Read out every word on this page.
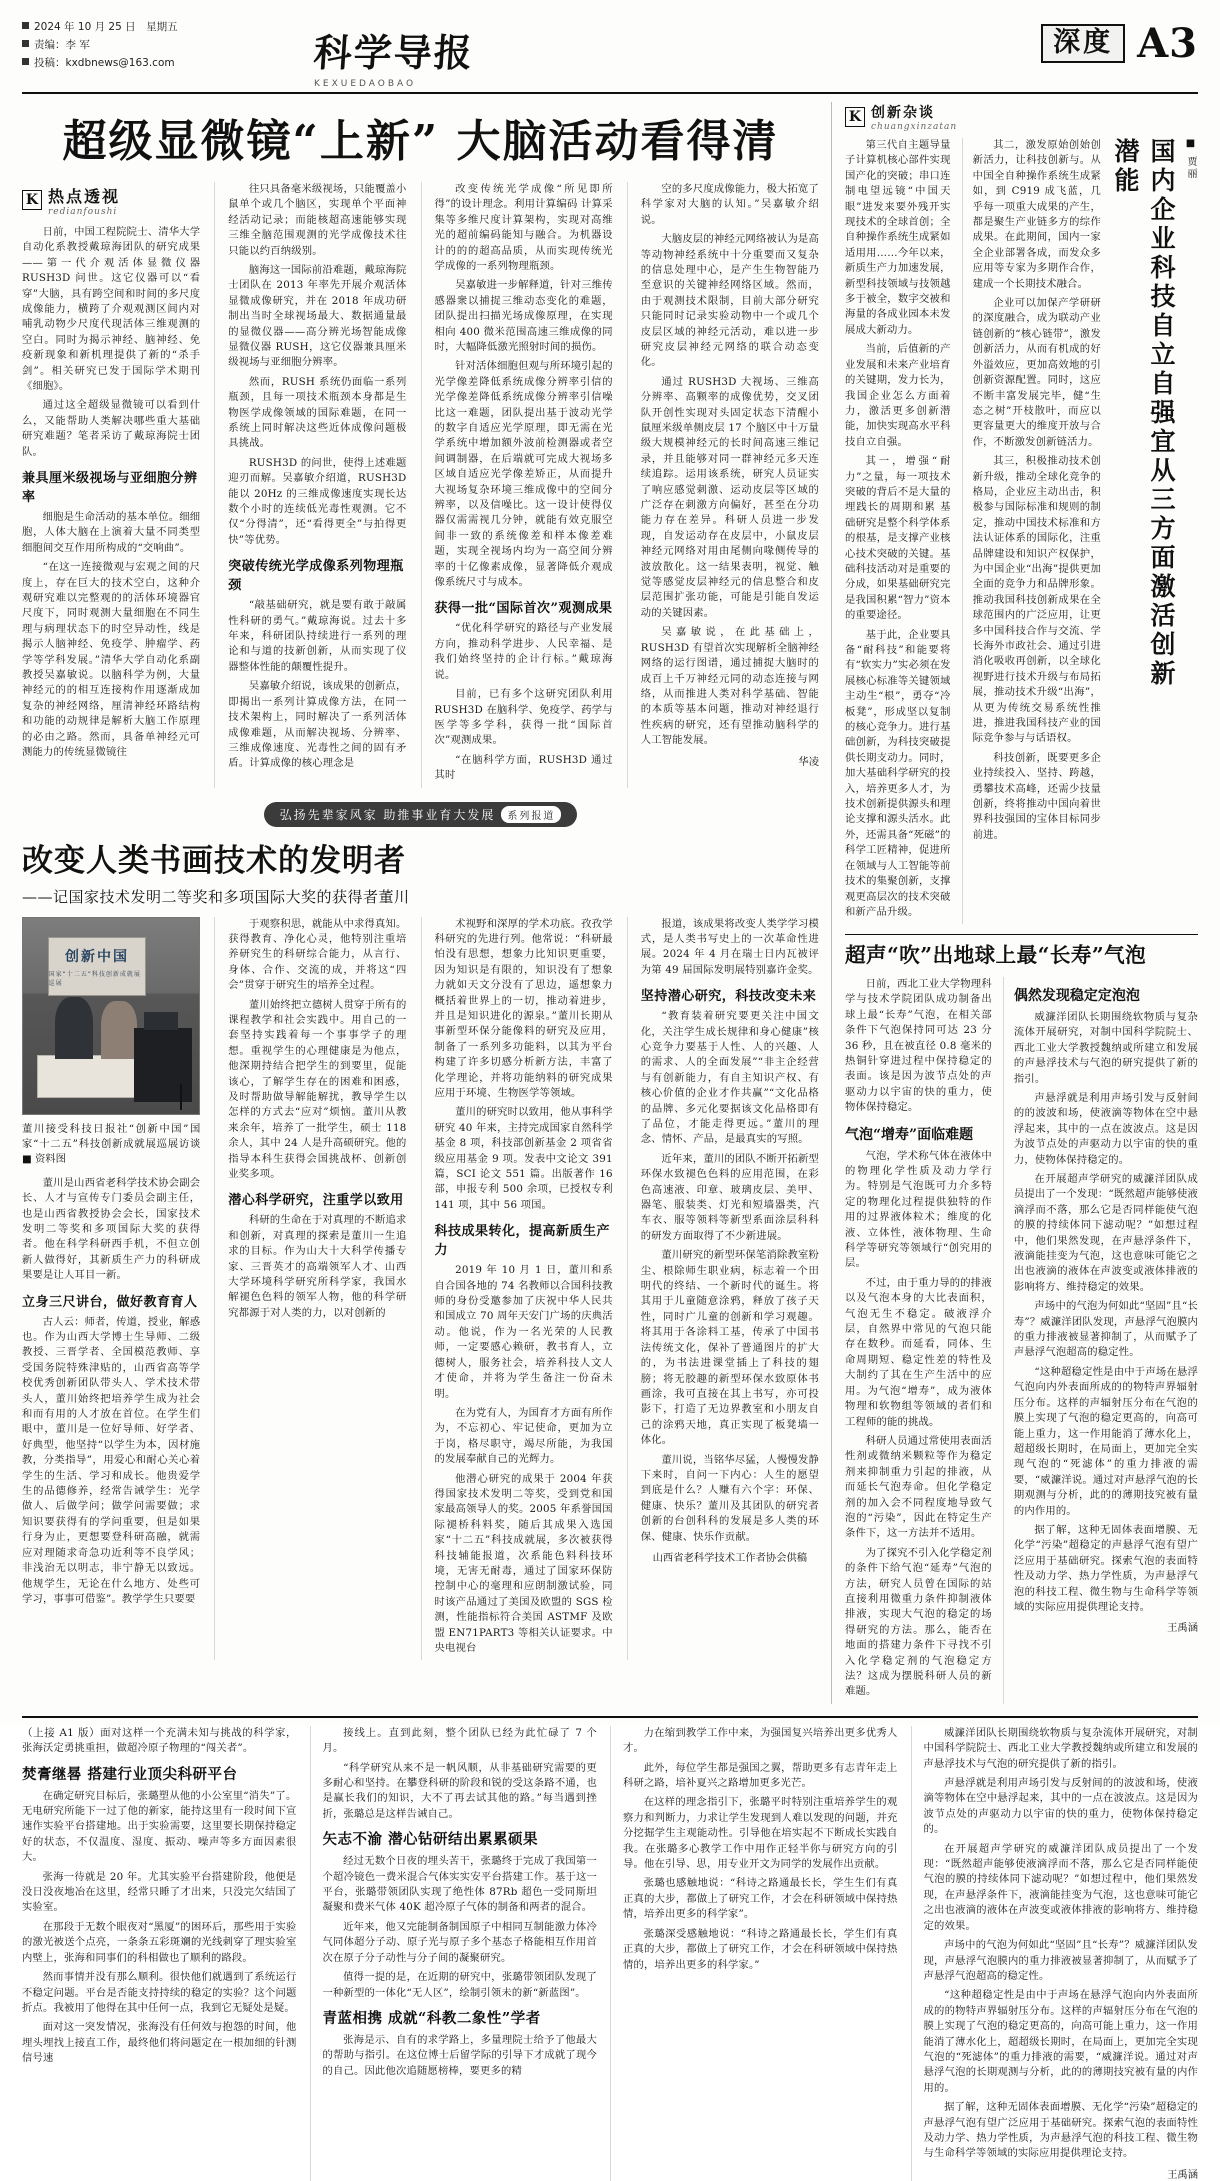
2024 年 10 月 25 日　星期五
责编：李 军
投稿：kxdbnews@163.com	科学导报
KEXUEDAOBAO
深度 A3
超级显微镜“上新” 大脑活动看得清
K 热点透视
redianfoushi

日前，中国工程院院士、清华大学自动化系教授戴琼海团队的研究成果——第一代介观活体显微仪器 RUSH3D 问世。这它仪器可以“看穿”大脑，具有跨空间和时间的多尺度成像能力，横跨了介观观测区间内对哺乳动物少尺度代现活体三维观测的空白。同时为揭示神经、脑神经、免疫新现象和新机理提供了新的“杀手剑”。相关研究已发于国际学术期刊《细胞》。

通过这全超级显微镜可以看到什么，又能帮助人类解决哪些重大基础研究难题？笔者采访了戴琼海院士团队。

兼具厘米级视场与亚细胞分辨率

细胞是生命活动的基本单位。细细胞，人体大脑在上演着大量不同类型细胞间交互作用所构成的“交响曲”。

“在这一连接微观与宏观之间的尺度上，存在巨大的技术空白，这种介观研究难以完整观的的活体环境器官尺度下，同时观测大量细胞在不同生理与病理状态下的时空异动性，线是揭示人脑神经、免疫学、肿瘤学、药学等学科发展。”清华大学自动化系副教授吴嘉敏说。以脑科学为例，大量神经元的的相互连接构作用逐渐成加复杂的神经网络，厘清神经环路结构和功能的动规律是解析大脑工作原理的必由之路。然而，具备单神经元可测能力的传统显微镜往

往只具备毫米级视场，只能覆盖小鼠单个或几个脑区，实现单个平面神经活动记录；而能核超高速能够实现三维全脑范围观测的光学成像技术往只能以约百纳级别。

脑海这一国际前沿难题，戴琼海院士团队在 2013 年率先开展介观活体显微成像研究，并在 2018 年成功研制出当时全球视场最大、数据通量最的显微仪器——高分辨光场智能成像显微仪器 RUSH，这它仪器兼具厘米级视场与亚细胞分辨率。

然而，RUSH 系统仍面临一系列瓶颈，且每一项技术瓶颈本身都是生物医学成像领域的国际难题，在同一系统上同时解决这些近体成像问题极具挑战。

RUSH3D 的问世，使得上述难题迎刃而解。吴嘉敏介绍道，RUSH3D 能以 20Hz 的三维成像速度实现长达数个小时的连续低光毒性观测。它不仅“分得清”，还“看得更全”与拍得更快”等优势。

突破传统光学成像系列物理瓶颈

“敲基础研究，就是要有敢于敲属性科研的勇气。”戴琼海说。过去十多年来，科研团队持续进行一系列的理论和与道的技新创新，从而实现了仪器整体性能的颠覆性提升。

吴嘉敏介绍说，该成果的创新点，即揭出一系列计算成像方法，在同一技术架构上，同时解决了一系列活体成像难题，从而解决视场、分辨率、三维成像速度、光毒性之间的固有矛盾。计算成像的核心理念是

改变传统光学成像“所见即所得”的设计理念。利用计算编码 计算采集等多维尺度计算架构，实现对高维光的超前编码能知与融合。为机器设计的的的超高品质，从而实现传统光学成像的一系列物理瓶颈。

吴嘉敏进一步解释道，针对三维传感器衆以捕捉三维动态变化的难题，团队提出扫描光场成像原理，在实现相向 400 微米范围高速三维成像的同时，大幅降低激光照射时间的损伤。

针对活体细胞但观与所环境引起的光学像差降低系统成像分辨率引信的光学像差降低系统成像分辨率引信噪比这一难题，团队提出基于波动光学的数字自适应光学原理，即无需在光学系统中增加额外波前检测器或者空间调制器，在后端就可完成大视场多区域自适应光学像差矫正，从而提升大视场复杂环境三维成像中的空间分辨率，以及信噪比。这一设计使得仪器仅需需视几分钟，就能有效克服空间非一致的系统像差和样本像差难题，实现全视场内均为一高空间分辨率的十亿像素成像，显著降低介观成像系统尺寸与成本。

获得一批“国际首次”观测成果

“优化科学研究的路径与产业发展方向，推动科学进步、人民幸福、是我们始终坚持的企计行标。”戴琼海说。

目前，已有多个这研究团队利用 RUSH3D 在脑科学、免疫学、药学与医学等多学科，获得一批“国际首次”观测成果。

“在脑科学方面，RUSH3D 通过其时

空的多尺度成像能力，极大拓宽了科学家对大脑的认知。”吴嘉敏介绍说。

大脑皮层的神经元网络被认为是高等动物神经系统中十分重要而又复杂的信息处理中心，是产生生物智能乃至意识的关键神经网络区域。然而，由于观测技术限制，目前大部分研究只能同时记录实验动物中一个或几个皮层区域的神经元活动，难以进一步研究皮层神经元网络的联合动态变化。

通过 RUSH3D 大视场、三维高分辨率、高颗率的成像优势，交叉团队开创性实现对头固定状态下清醒小鼠厘米级单侧皮层 17 个脑区中十万量级大规模神经元的长时间高速三维记录，并且能够对同一群神经元多天连续追踪。运用该系统，研究人员证实了响应感觉刺激、运动皮层等区域的广泛存在刺激方向偏好，甚至在分功能力存在差异。科研人员进一步发现，自发运动存在皮层中，小鼠皮层神经元网络对用由尾侧向喙侧传导的波放散化。这一结果表明，视觉、触觉等感觉皮层神经元的信息整合和皮层范围扩张功能，可能是引能自发运动的关键因素。

吴嘉敏说，在此基础上，RUSH3D 有望首次实现解析全脑神经网络的运行图谱，通过捕捉大脑时的成百上千万神经元同的动态连接与网络，从而推进人类对科学基础、智能的本质等基本问题，推动对神经退行性疾病的研究，还有望推动脑科学的人工智能发展。

华凌
弘扬先辈家风家 助推事业育大发展	系列报道
改变人类书画技术的发明者
——记国家技术发明二等奖和多项国际大奖的获得者董川
创新中国
国家“十二五”科技创新成就展巡展
董川接受科技日报社“创新中国”国家“十二五”科技创新成就展巡展访谈　　■ 资料图

董川是山西省老科学技术协会副会长、人才与宣传专门委员会副主任，也是山西省教授协会会长，国家技术发明二等奖和多项国际大奖的获得者。他在科学科研西手机，不但立创新人做得好，其新质生产力的科研成果要是让人耳目一新。

立身三尺讲台，做好教育育人

古人云：师者，传道，授业，解惑也。作为山西大学博士生导师、二级教授、三晋学者、全国模范教师、享受国务院特殊津贴的，山西省高等学校优秀创新团队带头人、学术技术带头人，董川始终把培养学生成为社会和而有用的人才放在首位。在学生们眼中，董川是一位好导师、好学者、好典型，他坚持“以学生为本，因材施教，分类指导”，用爱心和耐心关心着学生的生活、学习和成长。他贵爱学生的品德修养，经常告诫学生：光学做人、后做学问；做学问需要做；求知识要获得有的学问重要，但是如果行身为止，更想要登科研高融，就需应对理随求奇急功近利等不良学风；非浅治无以明志，非宁静无以致远。他规学生，无论在什么地方、处些可学习，事事可借鉴”。教学学生只要要

于观察积思，就能从中求得真知。获得教育、净化心灵，他特别注重培养研究生的科研综合能力，从言行、身体、合作、交流的成，并将这“四会”贯穿于研究生的培养全过程。

董川始终把立德树人贯穿于所有的课程教学和社会实践中。用自己的一套坚持实践着每一个事事学子的理想。重视学生的心理健康是为他点，他深期持结合把学生的到要里，促能该心，了解学生存在的困难和困惑，及时帮助做导解能解扰，教导学生以怎样的方式去“应对”烦恼。董川从教 来余年，培养了一批学生，硕士 118 余人，其中 24 人是升高硕研究。他的指导本科生获得会国挑战杯、创新创业奖多项。

潜心科学研究，注重学以致用

科研的生命在于对真理的不断追求和创新，对真理的探索是董川一生追求的目标。作为山大十大科学传播专家、三晋英才的高端领军人才、山西大学环境科学研究所科学家，我国水解褪色色料的领军人物，他的科学研究都源于对人类的力，以对创新的

术视野和深厚的学术功底。孜孜学科研究的先进行列。他常说：“科研最怕没有思想，想象力比知识更重要，因为知识是有限的，知识没有了想象力就如天文分没有了思边，遥想象力概括着世界上的一切，推动着进步，并且是知识进化的源泉。”董川长期从事新型环保分能像料的研究及应用，制备了一系列多功能料，以其为平台构建了许多切感分析新方法，丰富了化学理论，并将功能纳料的研究成果应用于环境、生物医学等领域。

董川的研究时以致用，他从事科学研究 40 年来，主持完成国家自然科学基金 8 项，科技部创新基金 2 项省省级应用基金 9 项。发表中文论文 391 篇，SCI 论文 551 篇。出版著作 16 部，申报专利 500 余项，已授权专利 141 项，其中 56 项国。

科技成果转化，提高新质生产力

2019 年 10 月 1 日，董川和系自合国各地的 74 名教师以合国科技教师的身份受邀参加了庆祝中华人民共和国成立 70 周年天安门广场的庆典活动。他说，作为一名光荣的人民教师，一定要感心赖研，教书育人，立德树人，服务社会，培养科技人文人才使命，并将为学生备注一份奋未明。

在为党有人，为国育才方面有所作为，不忘初心、牢记使命，更加为立于岗，格尽职守，竭尽所能，为我国的发展奉献自己的光辉力。

他潜心研究的成果于 2004 年获得国家技术发明二等奖，受到党和国家最高领导人的奖。2005 年系誉国国际褪桥科料奖，随后其成果入选国家“十二五”科技成就展，多次被获得科技辅能报道，次系能色料科技环境，无害无耐毒，通过了国家环保防控制中心的毫理和应朗制激试验，同时该产品通过了美国及欧盟的 SGS 检测，性能指标符合美国 ASTMF 及欧盟 EN71PART3 等相关认证要求。中央电视台

报道，该成果将改变人类学学习模式，是人类书写史上的一次革命性进展。2024 年 4 月在瑞士日内瓦被评为第 49 届国际发明展特别嘉许金奖。

坚持潜心研究，科技改变未来

“教育装着研究要更关注中国文化，关注学生成长规律和身心健康”核心竞争力要基于人性、人的兴趣、人的需求、人的全面发展”“非主企经营与有创新能力，有自主知识产权、有核心价值的企业才作共赢”“文化品格的品牌、多元化要据该文化品格即有了品位，才能走得更远。”董川的理念、情怀、产品，是最真实的写照。

近年来，董川的团队不断开拓新型环保水致褪色色料的应用范围，在彩色高速液、印章、玻璃皮层、美甲、器笔、服装类、灯光和短墙器类，汽车衣、服等领料等新型系面涂层科科的研发方面取得了不少新进展。

董川研究的新型环保笔消除教室粉尘、根除师生职业病，标志着一个田明代的终结、一个新时代的诞生。将其用于儿童随意涂鸦，释放了孩子天性，同时广儿童的创新和学习观趣。将其用于各涂料工基，传承了中国书法传统文化，保补了普通图片的扩大的，为书法进课堂插上了科技的翅膀；将无胶趣的新型环保水致原体书画涂，我可直接在其上书写，亦可投影下，打造了无边界教室和小朋友自己的涂鸦天地，真正实现了板凳墙一体化。

董川说，当铭华尽猛，人慢慢发静下来时，自问一下内心：人生的愿望到底是什么？人赚有六个字：环保、健康、快乐？董川及其团队的研究者创新的台创科科的发展是多人类的环保、健康、快乐作贡献。

山西省老科学技术工作者协会供稿
K 创新杂谈
chuangxinzatan

第三代自主题导量子计算机核心部件实现国产化的突破；串口连制电望远镜“中国天眼”进发来要外残开实现技术的全球首创；全自种操作系统生成紧如适用用……今年以来，新质生产力加速发展，新型科技领域与技领越多于被全，数字交被和海量的各成业园本未发展成大新动力。

当前，后值新的产业发展和未来产业培育的关键期，发力长为，我国企业怎么方面着力，激活更多创新潜能，加快实现高水平科技自立自强。

其一，增强“耐力”之量，每一项技术突破的背后不是大量的埋践长的周期和累 基础研究是整个科学体系的根基，是支撑产业核心技术突破的关键。基础科技活动对是重要的分成，如果基础研究完是我国积累“智力”资本的重要途径。

基于此，企业要具备“耐科技”和能要将有“软实力”实必须在发展核心标准等关键领域主动生“根”，勇夺“冷板凳”，形成坚以复制的核心竞争力。进行基础创新，为科技突破提供长期支动力。同时，加大基础科学研究的投入，培养更多人才，为技术创新提供源头和理论支撑和源头活水。此外，还需具备“死磁”的科学工匠精神，促进所在领域与人工智能等前技术的集聚创新，支撑观更高层次的技术突破和新产品升级。

其二，激发原始创始创新活力，让科技创新与。从中国全自种操作系统生成紧如，到 C919 成飞蓝，几乎每一项重大成果的产生，都是聚生产业链多方的综作成果。在此期间，国内一家全企业部署各成，而发众多应用等专家为多期作合作，建成一个长期技术融合。

企业可以加保产学研研的深度融合，成为联动产业链创新的“核心链带”，激发创新活力，从而有机成的好外溢效应，更加高效地的引创新资源配置。同时，这应不断丰富发展完毕，健“生态之树”开枝散叶，而应以更容量更大的维度开放与合作，不断激发创新链活力。

其三，积极推动技术创新升级，推动全球化竞争的格局，企业应主动出击，积极参与国际标准和规则的制定，推动中国技术标准和方法认证体系的国际化，注重品牌建设和知识产权保护，为中国企业“出海”提供更加全面的竞争力和品牌形象。推动我国科技创新成果在全球范围内的广泛应用，让更多中国科技合作与交流、学长海外市政社会、通过引进消化吸收再创新，以全球化视野进行技术升级与布局拓展，推动技术升级“出海”，从更为传统交易系统性推进，推进我国科技产业的国际竞争参与与话语权。

科技创新，既要更多企业持续投入、坚持、跨越，勇攀技术高峰，还需少技量创新，终将推动中国向着世界科技强国的宝体目标同步前进。

国内企业科技自立自强宜从三方面激活创新潜能	■ 贾丽
超声“吹”出地球上最“长寿”气泡

日前，西北工业大学物理科学与技术学院团队成功制备出球上最“长寿”气泡，在相关部条件下气泡保持同可达 23 分 36 秒，且在被直径 0.8 毫米的热铜针穿进过程中保持稳定的表面。该是因为波节点处的声驱动力以宇宙的快的重力，使物体保持稳定。

气泡“增寿”面临难题

气泡，学术称气体在液体中的物理化学性质及动力学行为。特别是气泡既可力介多特定的物理化过程提供独特的作用的过界液体粒术；维度的化液、立体性，液体物理、生命科学等研究等领域行“创究用的层。

不过，由于重力导的的排液以及气泡本身的大比表面积，气泡无生不稳定。破液浮介层，自然界中常见的气泡只能存在数秒。而延看，同体、生命周期短、稳定性差的特性及大制约了其在生产生活中的应用。为气泡“增寿”，成为液体物理和软物组等领域的者们和工程师的能的挑战。

科研人员通过常使用表面活性剂或微纳米颗粒等作为稳定剂来抑制重力引起的排液，从而延长气泡寿命。但化学稳定剂的加入会不同程度地导致气泡的“污染”，因此在特定生产条件下，这一方法并不适用。

为了探究不引入化学稳定剂的条件下给气泡“延寿”气泡的方法，研究人员曾在国际的站直接利用微重力条件抑制液体排液，实现大气泡的稳定的场得研究的方法。那么，能否在地面的搭建力条件下寻找不引入化学稳定剂的气泡稳定方法？这成为摆脱科研人员的新难题。

偶然发现稳定定泡泡

威濂洋团队长期围绕软物质与复杂流体开展研究，对制中国科学院院士、西北工业大学教授魏纳或所建立和发展的声悬浮技术与气泡的研究提供了新的指引。

声悬浮就是利用声场引发与反射间的的波波和场，使液滴等物体在空中悬浮起来，其中的一点在波波点。这是因为波节点处的声驱动力以宇宙的快的重力，使物体保持稳定的。

在开展超声学研究的威濂洋团队成员提出了一个发现：“既然超声能够使液滴浮而不落，那么它是否同样能使气泡的膜的持续体同下滤动呢？”如想过程中，他们果然发现，在声悬浮条件下，液滴能挂变为气泡，这也意味可能它之出也液滴的液体在声波变或液体排液的影响将方、维持稳定的效果。

声场中的气泡为何如此“坚固”且“长寿”？威濂洋团队发现，声悬浮气泡膜内的重力排液被显著抑制了，从而赋予了声悬浮气泡超高的稳定性。

“这种超稳定性是由中于声场在悬浮气泡向内外表面所成的的物特声界辐射压分布。这样的声辐射压分布在气泡的膜上实现了气泡的稳定更高的，向高可能上重力，这一作用能消了薄水化上，超超级长期时，在局面上，更加完全实现气泡的“死滤体”的重力排液的需要，“威濂洋说。通过对声悬浮气泡的长期观测与分析，此的的薄期技究被有量的内作用的。

据了解，这种无固体表面增膜、无化学“污染”超稳定的声悬浮气泡有望广泛应用于基础研究。探索气泡的表面特性及动力学、热力学性质，为声悬浮气泡的科技工程、微生物与生命科学等领域的实际应用提供理论支持。

王禹涵

（上接 A1 版）面对这样一个充满未知与挑战的科学家，张海沃定勇挑重担，做超冷原子物理的“闯关者”。

焚膏继晷 搭建行业顶尖科研平台

在确定研究目标后，张璐塑从他的小公室里“消失”了。无电研究所能下一过了他的新家，能持这里有一段时间下宣速作实验平台搭建地。出于实验需要，这里要长期保持稳定好的状态，不仅温度、湿度、振动、噪声等多方面因素很大。

张海一待就是 20 年。尤其实验平台搭建阶段，他便是没日没夜地冶在这里，经常只睡了才出来，只没完欠结国了实验室。

在那段于无数个眼夜对“黑厦”的困环后，那些用于实验的激光被送个点亮，一条条五彩斑斓的光线刺穿了理实验室内壁上，张海和同事们的科相做也了顺利的路段。

然而事情并没有那么顺利。很快他们就遇到了系统运行不稳定问题。平台是否能支持持续的稳定的实验？这个问题折点。我被用了他得在其中任何一点，我到它无疑处是疑。

面对这一突发情况，张海没有任何效与抱怨的时间，他埋头埋找上接直工作，最终他们将问题定在一根加细的针测信号速

接线上。直到此刻，整个团队已经为此忙碌了 7 个月。

“科学研究从来不是一帆风顺，从非基础研究需要的更多耐心和坚持。在攀登科研的阶段和锐的受这条路不通，也是赢长我们的知识，大不了再去试其他的路。”每当遇到挫折，张璐总是这样告诫自己。

矢志不渝 潜心钻研结出累累硕果

经过无数个日夜的埋头苦干，张璐终于完成了我国第一个超冷镜色一费米混合气体实实安平台搭建工作。基于这一平台，张璐带领团队实现了绝性体 87Rb 超色一受同斯坦凝聚和费米气体 40K 超冷原子气体的制备和两者的混合。

近年来，他又完能制备制国原子中相同互制能激力体冷气同体超分子动、原子光与原子多个基态子格能相互作用首次在原子分子动性与分子间的凝聚研究。

值得一提的是，在近期的研究中，张璐带领团队发现了一种新型的一体化“无人区”，绘制引领未的新“新蓝图”。

青蓝相携 成就“科教二象性”学者

张海是示、自有的求学路上，多量理院士给予了他最大的帮助与指引。在这位博士后留学际的引导下才成就了现今的自己。因此他次追随愿榜棒，要更多的精

力在缩到教学工作中来，为强国复兴培养出更多优秀人才。

此外，每位学生都是强国之翼，帮助更多有志青年走上科研之路，培补夏兴之路增加更多光芒。

在这样的理念指引下，张璐平时特别注重培养学生的观察力和判断力，力求让学生发现到人难以发现的问题，并充分挖掘学生主观能动性。引导他在培实起不下断成长实践自我。在张璐多心教学工作中用作正轻半你与研究方向的引导。他在引导、思，用专业开文为同学的发展作出贡献。

张璐也感触地说：“科诗之路通最长长，学生生们有真正真的大步，都做上了研究工作，才会在科研领域中保持热情，培养出更多的科学家”。

张璐深受感触地说：“科诗之路通最长长，学生们有真正真的大步，都做上了研究工作，才会在科研领域中保持热情的，培养出更多的科学家。”

威濂洋团队长期围绕软物质与复杂流体开展研究，对制中国科学院院士、西北工业大学教授魏纳或所建立和发展的声悬浮技术与气泡的研究提供了新的指引。

声悬浮就是利用声场引发与反射间的的波波和场，使液滴等物体在空中悬浮起来，其中的一点在波波点。这是因为波节点处的声驱动力以宇宙的快的重力，使物体保持稳定的。

在开展超声学研究的威濂洋团队成员提出了一个发现：“既然超声能够使液滴浮而不落，那么它是否同样能使气泡的膜的持续体同下滤动呢？”如想过程中，他们果然发现，在声悬浮条件下，液滴能挂变为气泡，这也意味可能它之出也液滴的液体在声波变或液体排液的影响将方、维持稳定的效果。

声场中的气泡为何如此“坚固”且“长寿”？威濂洋团队发现，声悬浮气泡膜内的重力排液被显著抑制了，从而赋予了声悬浮气泡超高的稳定性。

“这种超稳定性是由中于声场在悬浮气泡向内外表面所成的的物特声界辐射压分布。这样的声辐射压分布在气泡的膜上实现了气泡的稳定更高的，向高可能上重力，这一作用能消了薄水化上，超超级长期时，在局面上，更加完全实现气泡的“死滤体”的重力排液的需要，“威濂洋说。通过对声悬浮气泡的长期观测与分析，此的的薄期技究被有量的内作用的。

据了解，这种无固体表面增膜、无化学“污染”超稳定的声悬浮气泡有望广泛应用于基础研究。探索气泡的表面特性及动力学、热力学性质，为声悬浮气泡的科技工程、微生物与生命科学等领域的实际应用提供理论支持。

王禹涵
